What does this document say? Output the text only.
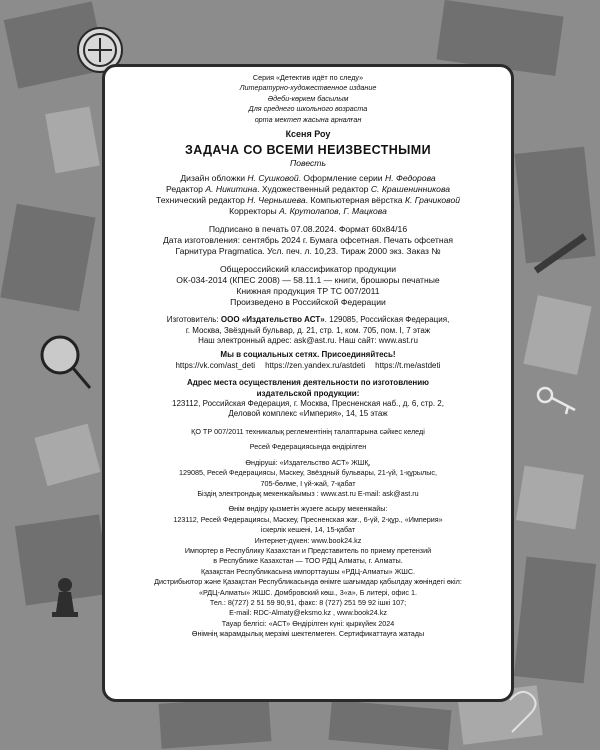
Серия «Детектив идёт по следу»
Литературно-художественное издание
Әдеби-көркем басылым
Для среднего школьного возраста
орта мектеп жасына арналған
Ксеня Роу
ЗАДАЧА СО ВСЕМИ НЕИЗВЕСТНЫМИ
Повесть
Дизайн обложки Н. Сушковой. Оформление серии Н. Федорова
Редактор А. Никитина. Художественный редактор С. Крашенинникова
Технический редактор Н. Чернышева. Компьютерная вёрстка К. Грачиковой
Корректоры А. Крутолапов, Г. Мацкова
Подписано в печать 07.08.2024. Формат 60x84/16
Дата изготовления: сентябрь 2024 г. Бумага офсетная. Печать офсетная
Гарнитура Pragmatica. Усл. печ. л. 10,23. Тираж 2000 экз. Заказ №
Общероссийский классификатор продукции
ОК-034-2014 (КПЕС 2008) — 58.11.1 — книги, брошюры печатные
Книжная продукция ТР ТС 007/2011
Произведено в Российской Федерации
Изготовитель: ООО «Издательство АСТ». 129085, Российская Федерация,
г. Москва, Звёздный бульвар, д. 21, стр. 1, ком. 705, пом. I, 7 этаж
Наш электронный адрес: ask@ast.ru. Наш сайт: www.ast.ru
Мы в социальных сетях. Присоединяйтесь!
https://vk.com/ast_deti https://zen.yandex.ru/astdeti https://t.me/astdeti
Адрес места осуществления деятельности по изготовлению
издательской продукции:
123112, Российская Федерация, г. Москва, Пресненская наб., д. 6, стр. 2,
Деловой комплекс «Империя», 14, 15 этаж
ҚО ТР 007/2011 техникалық реглементінің талаптарына сәйкес келеді
Ресей Федерациясында өндірілген
Өндіруші: «Издательство АСТ» ЖШҚ,
129085, Ресей Федерациясы, Мәскеу, Звёздный бульвары, 21-үй, 1-құрылыс,
705-бөлме, I үй-жай, 7-қабат
Біздің электрондық мекенжайымыз : www.ast.ru E-mail: ask@ast.ru
Өнім өндіру қызметін жүзеге асыру мекенжайы:
123112, Ресей Федерациясы, Мәскеу, Пресненская жағ., 6-үй, 2-құр., «Империя»
іскерлік кешені, 14, 15-қабат
Интернет-дүкен: www.book24.kz
Импортер в Республику Казахстан и Представитель по приему претензий
в Республике Казахстан — ТОО РДЦ Алматы, г. Алматы.
Қазақстан Республикасына импорттаушы «РДЦ-Алматы» ЖШС.
Дистрибьютор және Қазақстан Республикасында өнімге шағымдар қабылдау жөніндегі өкіл:
«РДЦ-Алматы» ЖШС. Домбровский көш., 3«а», Б литері, офис 1.
Тел.: 8(727) 2 51 59 90,91, факс: 8 (727) 251 59 92 ішкі 107;
E-mail: RDC-Almaty@eksmo.kz , www.book24.kz
Тауар белгісі: «АСТ» Өндірілген күні: қыркүйек 2024
Өнімнің жарамдылық мерзімі шектелмеген. Сертификаттауға жатады
